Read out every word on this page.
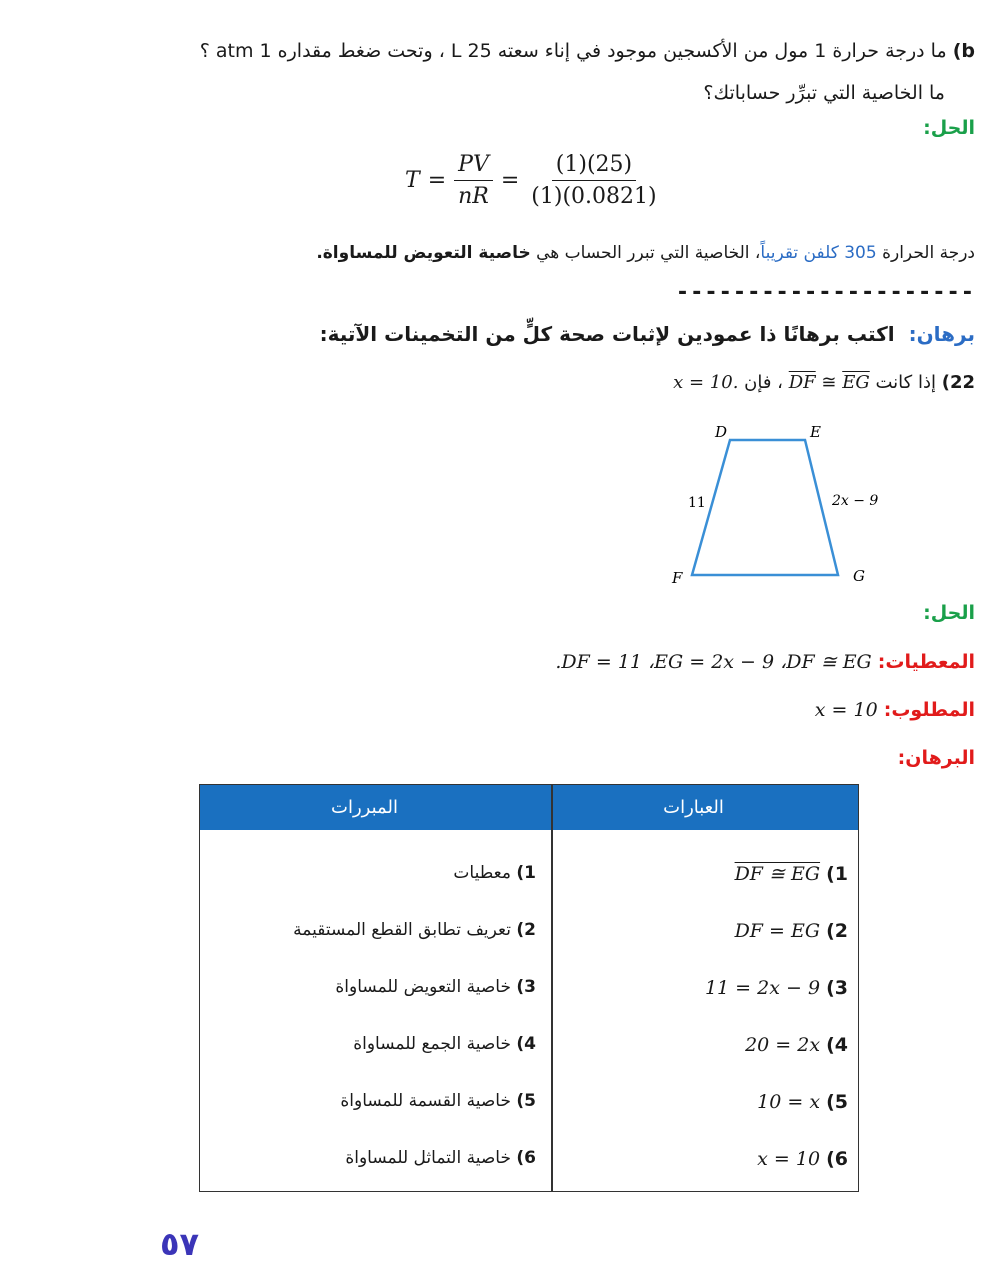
b) ما درجة حرارة 1 مول من الأكسجين موجود في إناء سعته 25 L ، وتحت ضغط مقداره 1 atm ؟
ما الخاصية التي تبرِّر حساباتك؟
الحل:
$T = \frac{PV}{nR} = \frac{(1)(25)}{(1)(0.0821)}$
درجة الحرارة 305 كلفن تقريباً، الخاصية التي تبرر الحساب هي خاصية التعويض للمساواة.
---------------------
برهان:  اكتب برهانًا ذا عمودين لإثبات صحة كلٍّ من التخمينات الآتية:
22) إذا كانت $\overline{DF}$ ≅ $\overline{EG}$ ، فإن x = 10.
D	E
F	G
11	2x − 9
الحل:
المعطيات: .DF = 11 ،EG = 2x − 9 ،DF ≅ EG
المطلوب: x = 10
البرهان:
المبررات	العبارات
1) معطيات	DF ≅ EG (1
2) تعريف تطابق القطع المستقيمة	DF = EG (2
3) خاصية التعويض للمساواة	11 = 2x − 9 (3
4) خاصية الجمع للمساواة	20 = 2x (4
5) خاصية القسمة للمساواة	10 = x (5
6) خاصية التماثل للمساواة	x = 10 (6
٥٧
